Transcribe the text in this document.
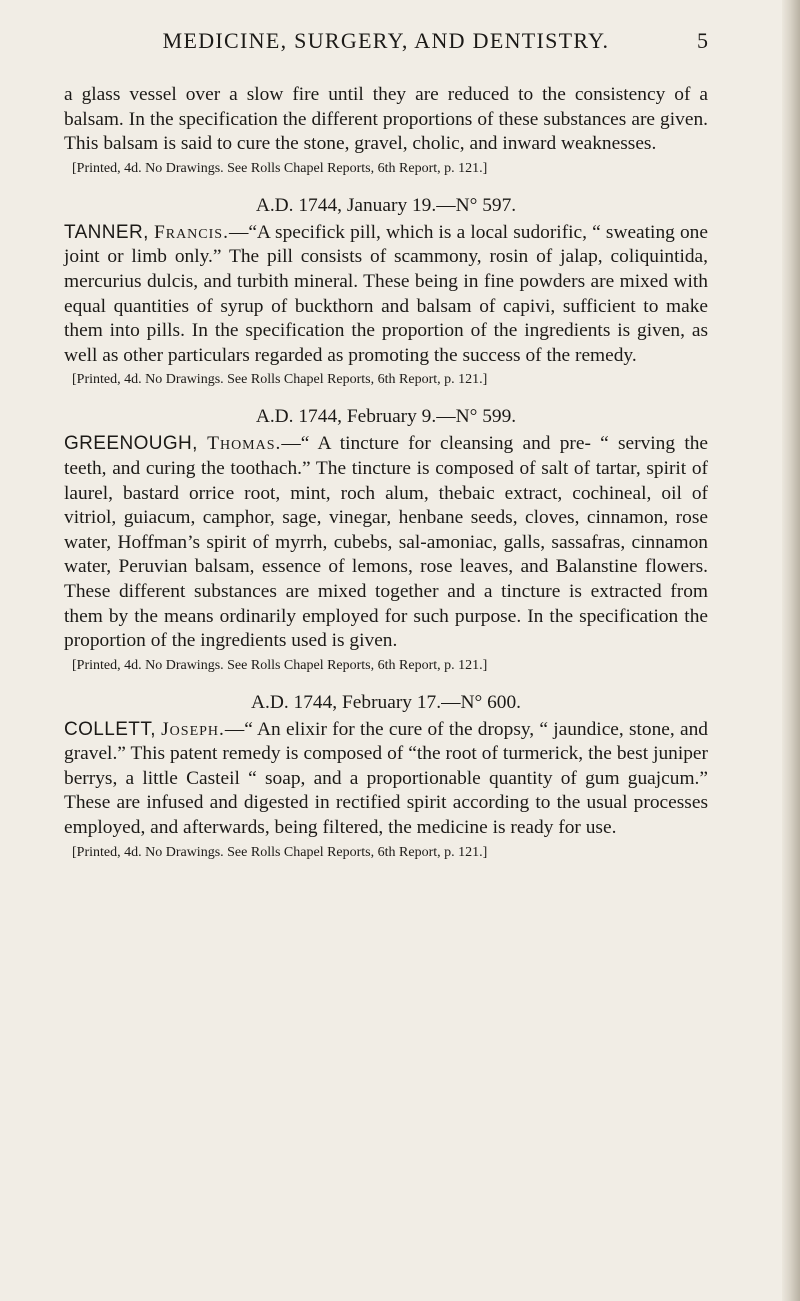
MEDICINE, SURGERY, AND DENTISTRY.	5

a glass vessel over a slow fire until they are reduced to the consistency of a balsam. In the specification the different proportions of these substances are given. This balsam is said to cure the stone, gravel, cholic, and inward weaknesses.

[Printed, 4d. No Drawings. See Rolls Chapel Reports, 6th Report, p. 121.]
A.D. 1744, January 19.—N° 597.

TANNER, Francis.—“A specifick pill, which is a local sudorific, “ sweating one joint or limb only.” The pill consists of scammony, rosin of jalap, coliquintida, mercurius dulcis, and turbith mineral. These being in fine powders are mixed with equal quantities of syrup of buckthorn and balsam of capivi, sufficient to make them into pills. In the specification the proportion of the ingredients is given, as well as other particulars regarded as promoting the success of the remedy.

[Printed, 4d. No Drawings. See Rolls Chapel Reports, 6th Report, p. 121.]
A.D. 1744, February 9.—N° 599.

GREENOUGH, Thomas.—“ A tincture for cleansing and pre- “ serving the teeth, and curing the toothach.” The tincture is composed of salt of tartar, spirit of laurel, bastard orrice root, mint, roch alum, thebaic extract, cochineal, oil of vitriol, guiacum, camphor, sage, vinegar, henbane seeds, cloves, cinnamon, rose water, Hoffman’s spirit of myrrh, cubebs, sal-amoniac, galls, sassafras, cinnamon water, Peruvian balsam, essence of lemons, rose leaves, and Balanstine flowers. These different substances are mixed together and a tincture is extracted from them by the means ordinarily employed for such purpose. In the specification the proportion of the ingredients used is given.

[Printed, 4d. No Drawings. See Rolls Chapel Reports, 6th Report, p. 121.]
A.D. 1744, February 17.—N° 600.

COLLETT, Joseph.—“ An elixir for the cure of the dropsy, “ jaundice, stone, and gravel.” This patent remedy is composed of “the root of turmerick, the best juniper berrys, a little Casteil “ soap, and a proportionable quantity of gum guajcum.” These are infused and digested in rectified spirit according to the usual processes employed, and afterwards, being filtered, the medicine is ready for use.

[Printed, 4d. No Drawings. See Rolls Chapel Reports, 6th Report, p. 121.]
